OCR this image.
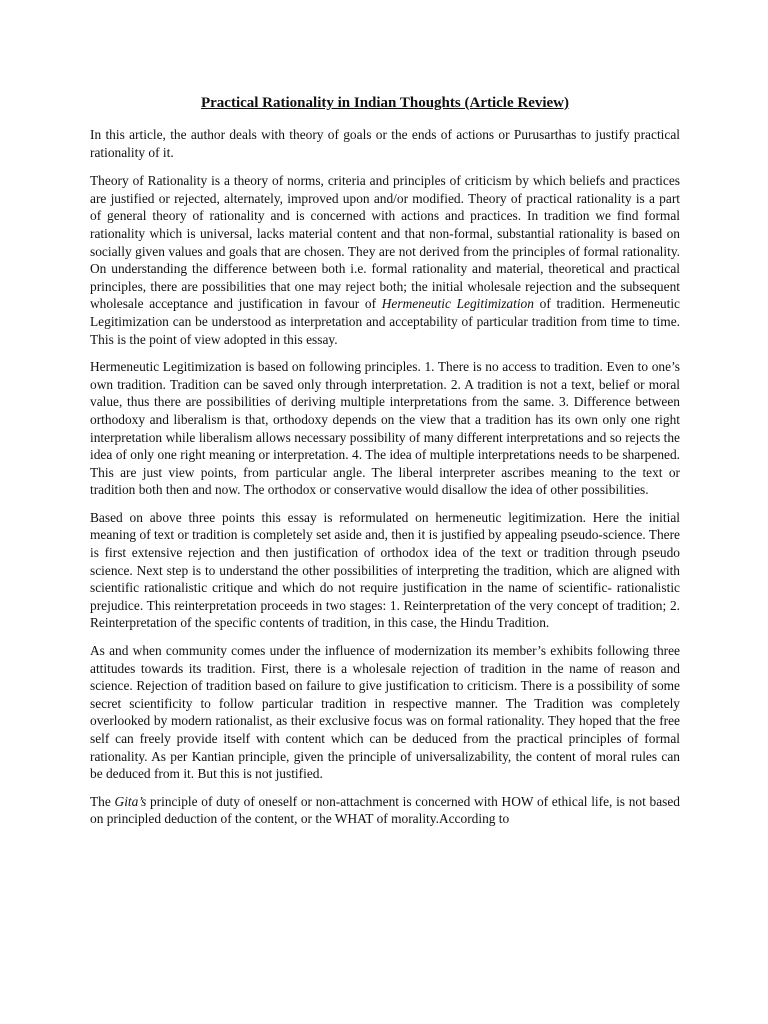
Practical Rationality in Indian Thoughts (Article Review)

In this article, the author deals with theory of goals or the ends of actions or Purusarthas to justify practical rationality of it.

Theory of Rationality is a theory of norms, criteria and principles of criticism by which beliefs and practices are justified or rejected, alternately, improved upon and/or modified. Theory of practical rationality is a part of general theory of rationality and is concerned with actions and practices. In tradition we find formal rationality which is universal, lacks material content and that non-formal, substantial rationality is based on socially given values and goals that are chosen. They are not derived from the principles of formal rationality. On understanding the difference between both i.e. formal rationality and material, theoretical and practical principles, there are possibilities that one may reject both; the initial wholesale rejection and the subsequent wholesale acceptance and justification in favour of Hermeneutic Legitimization of tradition. Hermeneutic Legitimization can be understood as interpretation and acceptability of particular tradition from time to time. This is the point of view adopted in this essay.

Hermeneutic Legitimization is based on following principles. 1. There is no access to tradition. Even to one’s own tradition. Tradition can be saved only through interpretation. 2. A tradition is not a text, belief or moral value, thus there are possibilities of deriving multiple interpretations from the same. 3. Difference between orthodoxy and liberalism is that, orthodoxy depends on the view that a tradition has its own only one right interpretation while liberalism allows necessary possibility of many different interpretations and so rejects the idea of only one right meaning or interpretation. 4. The idea of multiple interpretations needs to be sharpened. This are just view points, from particular angle. The liberal interpreter ascribes meaning to the text or tradition both then and now. The orthodox or conservative would disallow the idea of other possibilities.

Based on above three points this essay is reformulated on hermeneutic legitimization. Here the initial meaning of text or tradition is completely set aside and, then it is justified by appealing pseudo-science. There is first extensive rejection and then justification of orthodox idea of the text or tradition through pseudo science. Next step is to understand the other possibilities of interpreting the tradition, which are aligned with scientific rationalistic critique and which do not require justification in the name of scientific- rationalistic prejudice. This reinterpretation proceeds in two stages: 1. Reinterpretation of the very concept of tradition; 2. Reinterpretation of the specific contents of tradition, in this case, the Hindu Tradition.

As and when community comes under the influence of modernization its member’s exhibits following three attitudes towards its tradition. First, there is a wholesale rejection of tradition in the name of reason and science. Rejection of tradition based on failure to give justification to criticism. There is a possibility of some secret scientificity to follow particular tradition in respective manner. The Tradition was completely overlooked by modern rationalist, as their exclusive focus was on formal rationality. They hoped that the free self can freely provide itself with content which can be deduced from the practical principles of formal rationality. As per Kantian principle, given the principle of universalizability, the content of moral rules can be deduced from it. But this is not justified.

The Gita’s principle of duty of oneself or non-attachment is concerned with HOW of ethical life, is not based on principled deduction of the content, or the WHAT of morality.According to
